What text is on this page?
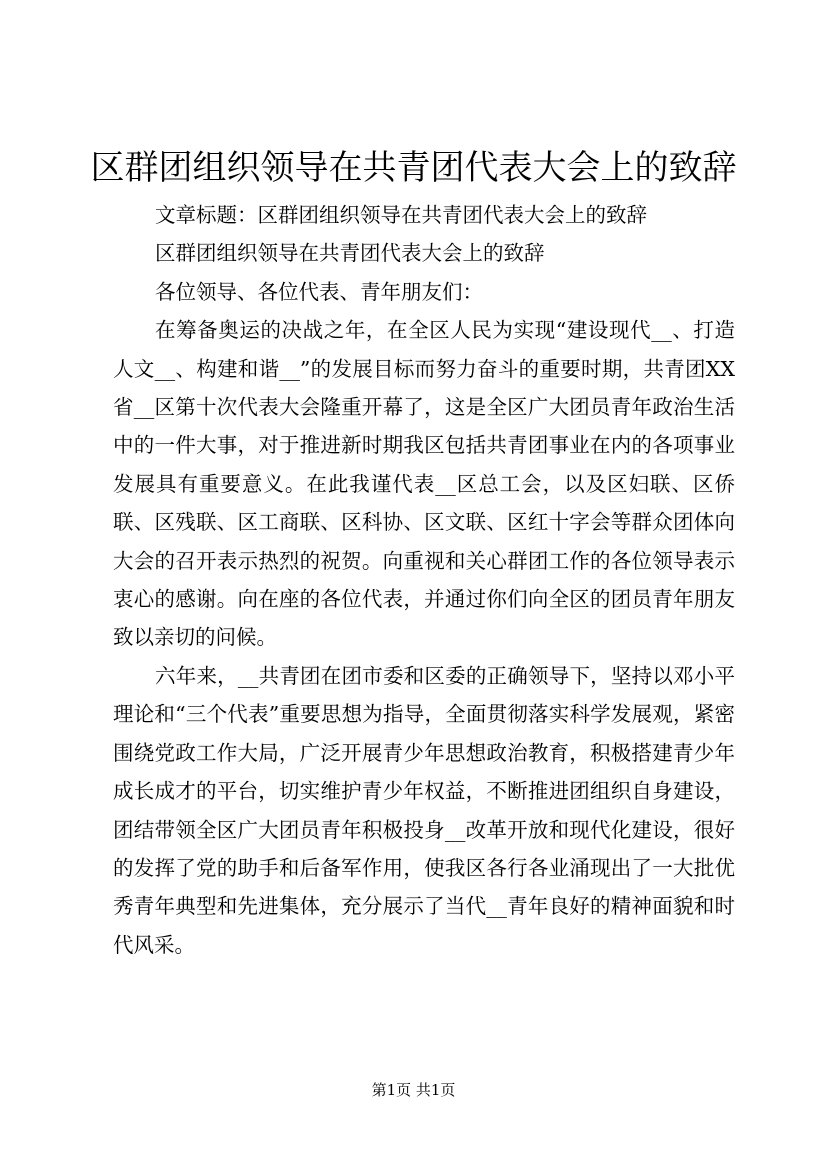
区群团组织领导在共青团代表大会上的致辞

文章标题：区群团组织领导在共青团代表大会上的致辞

区群团组织领导在共青团代表大会上的致辞

各位领导、各位代表、青年朋友们：

在筹备奥运的决战之年，在全区人民为实现“建设现代__、打造人文__、构建和谐__”的发展目标而努力奋斗的重要时期，共青团XX省__区第十次代表大会隆重开幕了，这是全区广大团员青年政治生活中的一件大事，对于推进新时期我区包括共青团事业在内的各项事业发展具有重要意义。在此我谨代表__区总工会，以及区妇联、区侨联、区残联、区工商联、区科协、区文联、区红十字会等群众团体向大会的召开表示热烈的祝贺。向重视和关心群团工作的各位领导表示衷心的感谢。向在座的各位代表，并通过你们向全区的团员青年朋友致以亲切的问候。

六年来，__共青团在团市委和区委的正确领导下，坚持以邓小平理论和“三个代表”重要思想为指导，全面贯彻落实科学发展观，紧密围绕党政工作大局，广泛开展青少年思想政治教育，积极搭建青少年成长成才的平台，切实维护青少年权益，不断推进团组织自身建设，团结带领全区广大团员青年积极投身__改革开放和现代化建设，很好的发挥了党的助手和后备军作用，使我区各行各业涌现出了一大批优秀青年典型和先进集体，充分展示了当代__青年良好的精神面貌和时代风采。

第1页 共1页
